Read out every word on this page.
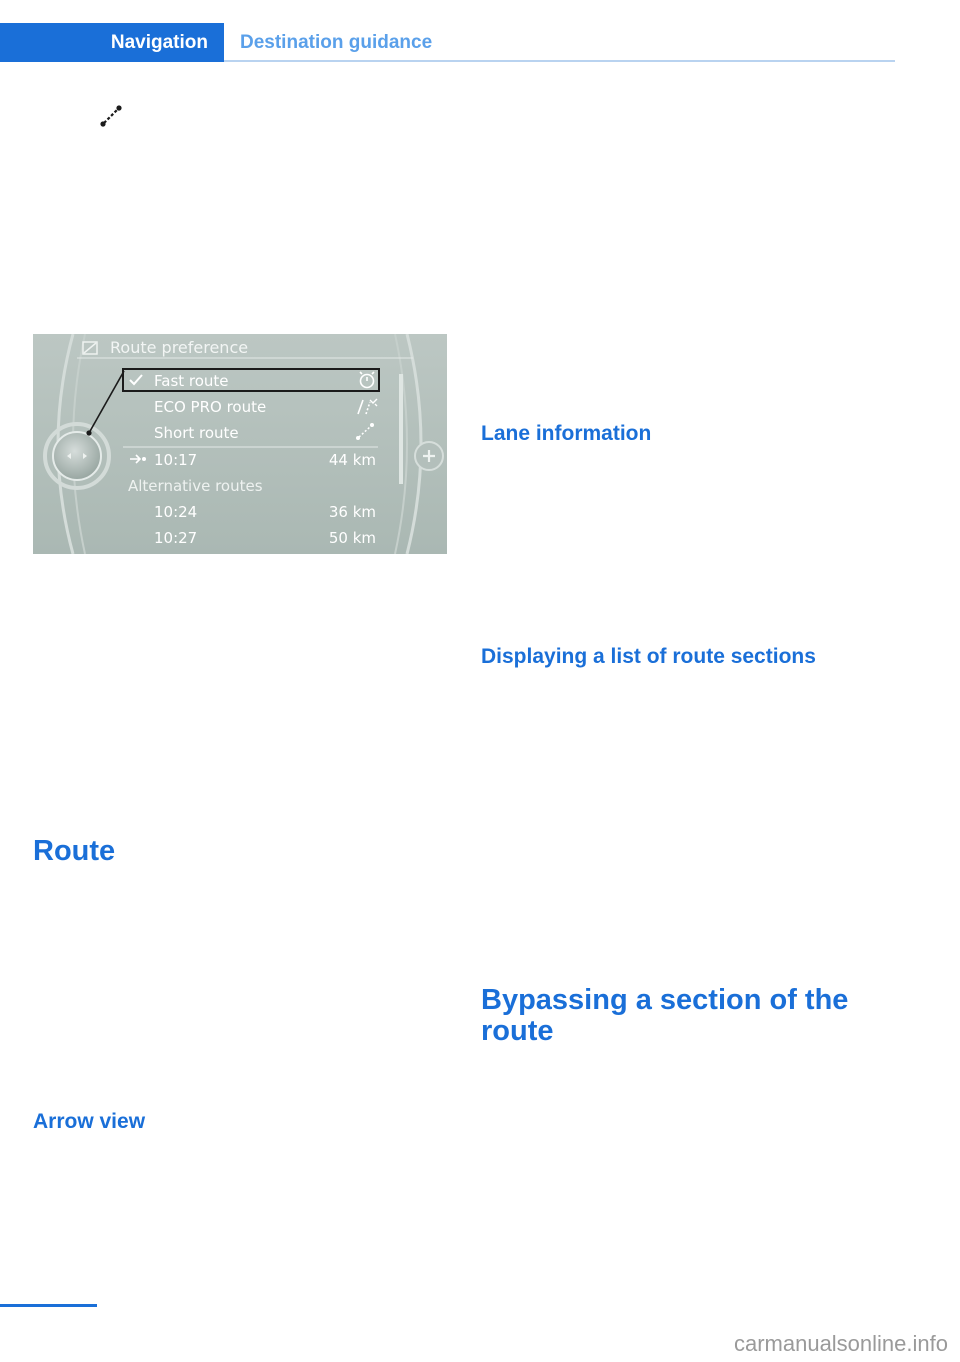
Navigation Destination guidance
Route preference
Fast route
ECO PRO route
Short route
10:17	44 km
Alternative routes
10:24	36 km
10:27	50 km
Route
Arrow view
Lane information
Displaying a list of route sections
Bypassing a section of the route
carmanualsonline.info
